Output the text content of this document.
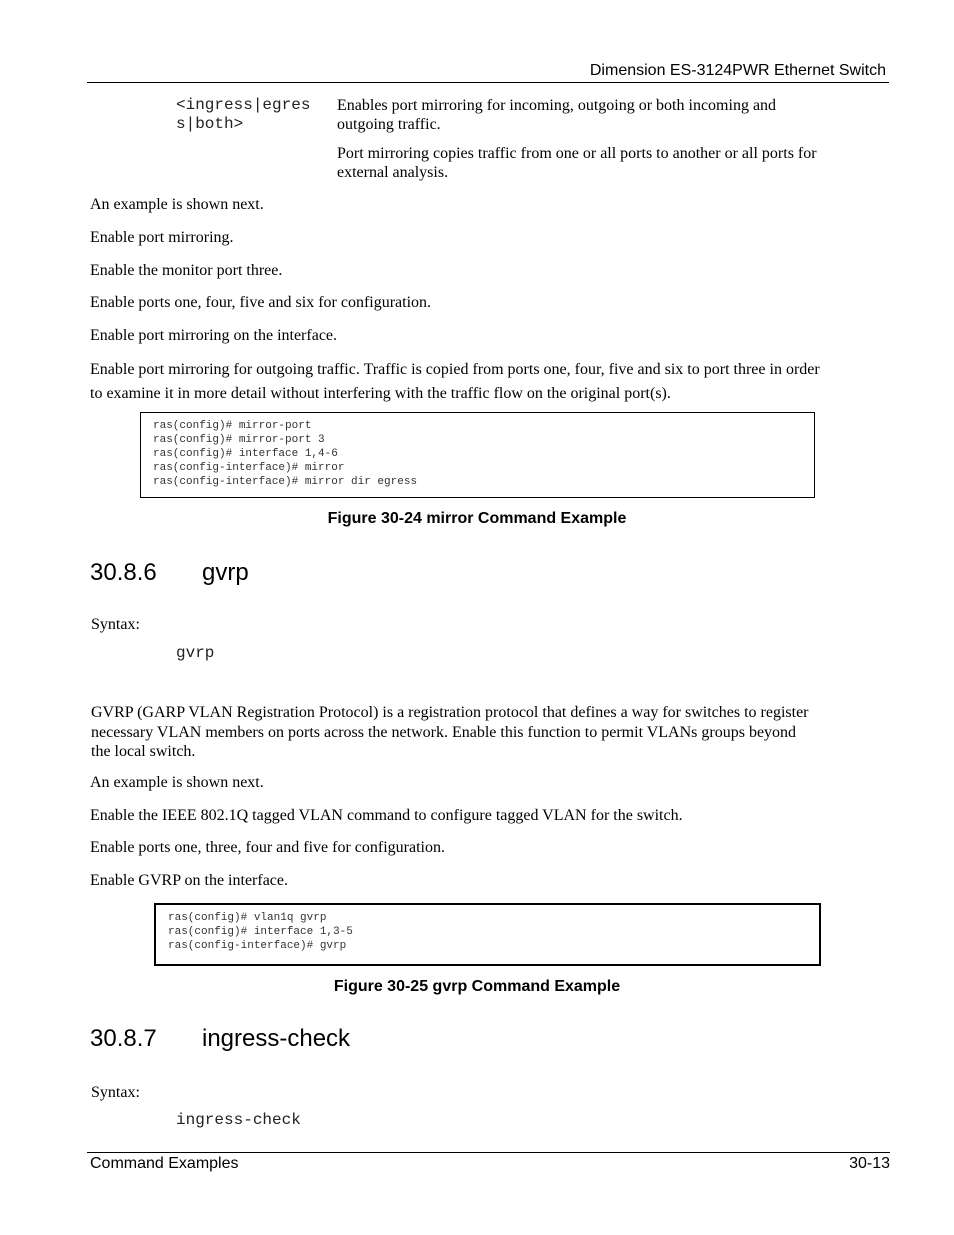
Dimension ES-3124PWR Ethernet Switch
<ingress|egres
s|both>
Enables port mirroring for incoming, outgoing or both incoming and
outgoing traffic.
Port mirroring copies traffic from one or all ports to another or all ports for
external analysis.
An example is shown next.
Enable port mirroring.
Enable the monitor port three.
Enable ports one, four, five and six for configuration.
Enable port mirroring on the interface.
Enable port mirroring for outgoing traffic. Traffic is copied from ports one, four, five and six to port three in order
to examine it in more detail without interfering with the traffic flow on the original port(s).
ras(config)# mirror-port
ras(config)# mirror-port 3
ras(config)# interface 1,4-6
ras(config-interface)# mirror
ras(config-interface)# mirror dir egress
Figure 30-24 mirror Command Example
30.8.6 gvrp
Syntax:
gvrp
GVRP (GARP VLAN Registration Protocol) is a registration protocol that defines a way for switches to register
necessary VLAN members on ports across the network. Enable this function to permit VLANs groups beyond
the local switch.
An example is shown next.
Enable the IEEE 802.1Q tagged VLAN command to configure tagged VLAN for the switch.
Enable ports one, three, four and five for configuration.
Enable GVRP on the interface.
ras(config)# vlan1q gvrp
ras(config)# interface 1,3-5
ras(config-interface)# gvrp
Figure 30-25 gvrp Command Example
30.8.7 ingress-check
Syntax:
ingress-check
Command Examples	30-13
